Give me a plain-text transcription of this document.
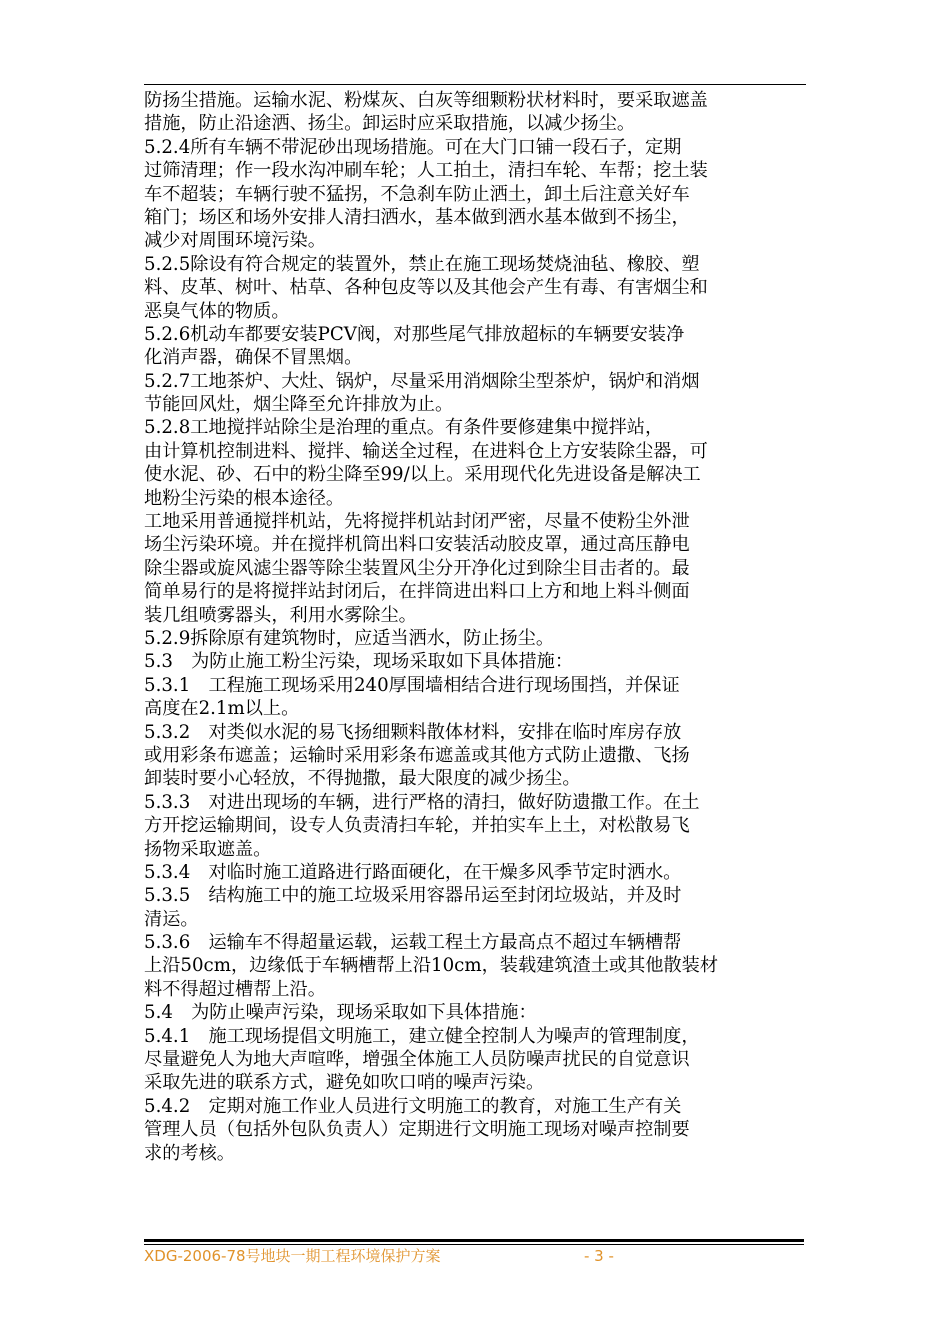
防扬尘措施。运输水泥、粉煤灰、白灰等细颗粉状材料时，要采取遮盖
措施，防止沿途洒、扬尘。卸运时应采取措施，以减少扬尘。
5.2.4所有车辆不带泥砂出现场措施。可在大门口铺一段石子，定期
过筛清理；作一段水沟冲刷车轮；人工拍土，清扫车轮、车帮；挖土装
车不超装；车辆行驶不猛拐，不急刹车防止洒土，卸土后注意关好车
箱门；场区和场外安排人清扫洒水，基本做到洒水基本做到不扬尘，
减少对周围环境污染。
5.2.5除设有符合规定的装置外，禁止在施工现场焚烧油毡、橡胶、塑
料、皮革、树叶、枯草、各种包皮等以及其他会产生有毒、有害烟尘和
恶臭气体的物质。
5.2.6机动车都要安装PCV阀，对那些尾气排放超标的车辆要安装净
化消声器，确保不冒黑烟。
5.2.7工地茶炉、大灶、锅炉，尽量采用消烟除尘型茶炉，锅炉和消烟
节能回风灶，烟尘降至允许排放为止。
5.2.8工地搅拌站除尘是治理的重点。有条件要修建集中搅拌站，
由计算机控制进料、搅拌、输送全过程，在进料仓上方安装除尘器，可
使水泥、砂、石中的粉尘降至99/以上。采用现代化先进设备是解决工
地粉尘污染的根本途径。
工地采用普通搅拌机站，先将搅拌机站封闭严密，尽量不使粉尘外泄
场尘污染环境。并在搅拌机筒出料口安装活动胶皮罩，通过高压静电
除尘器或旋风滤尘器等除尘装置风尘分开净化过到除尘目击者的。最
简单易行的是将搅拌站封闭后，在拌筒进出料口上方和地上料斗侧面
装几组喷雾器头，利用水雾除尘。
5.2.9拆除原有建筑物时，应适当洒水，防止扬尘。
5.3　为防止施工粉尘污染，现场采取如下具体措施：
5.3.1　工程施工现场采用240厚围墙相结合进行现场围挡，并保证
高度在2.1m以上。
5.3.2　对类似水泥的易飞扬细颗料散体材料，安排在临时库房存放
或用彩条布遮盖；运输时采用彩条布遮盖或其他方式防止遗撒、飞扬
卸装时要小心轻放，不得抛撒，最大限度的减少扬尘。
5.3.3　对进出现场的车辆，进行严格的清扫，做好防遗撒工作。在土
方开挖运输期间，设专人负责清扫车轮，并拍实车上土，对松散易飞
扬物采取遮盖。
5.3.4　对临时施工道路进行路面硬化，在干燥多风季节定时洒水。
5.3.5　结构施工中的施工垃圾采用容器吊运至封闭垃圾站，并及时
清运。
5.3.6　运输车不得超量运载，运载工程土方最高点不超过车辆槽帮
上沿50cm，边缘低于车辆槽帮上沿10cm，装载建筑渣土或其他散装材
料不得超过槽帮上沿。
5.4　为防止噪声污染，现场采取如下具体措施：
5.4.1　施工现场提倡文明施工，建立健全控制人为噪声的管理制度，
尽量避免人为地大声喧哗，增强全体施工人员防噪声扰民的自觉意识
采取先进的联系方式，避免如吹口哨的噪声污染。
5.4.2　定期对施工作业人员进行文明施工的教育，对施工生产有关
管理人员（包括外包队负责人）定期进行文明施工现场对噪声控制要
求的考核。
XDG-2006-78号地块一期工程环境保护方案	- 3 -
